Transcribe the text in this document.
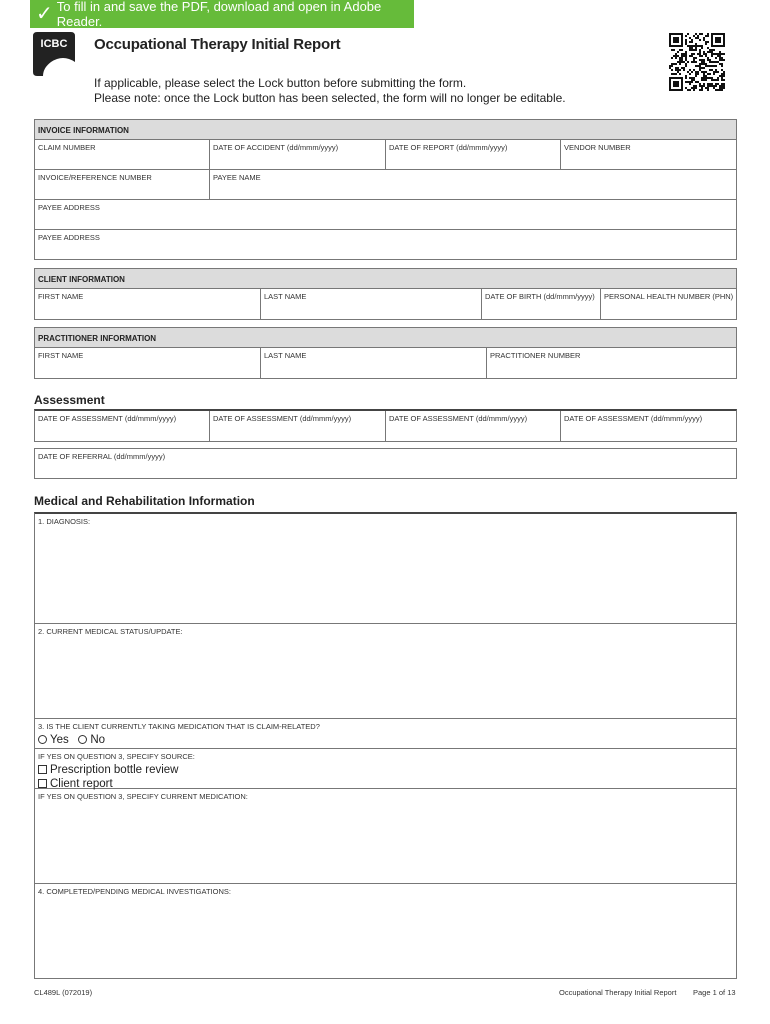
✓ To fill in and save the PDF, download and open in Adobe Reader.
ICBC Occupational Therapy Initial Report
If applicable, please select the Lock button before submitting the form.
Please note: once the Lock button has been selected, the form will no longer be editable.
INVOICE INFORMATION
CLAIM NUMBER	DATE OF ACCIDENT (dd/mmm/yyyy)	DATE OF REPORT (dd/mmm/yyyy)	VENDOR NUMBER
INVOICE/REFERENCE NUMBER	PAYEE NAME
PAYEE ADDRESS
PAYEE ADDRESS
CLIENT INFORMATION
FIRST NAME	LAST NAME	DATE OF BIRTH (dd/mmm/yyyy)	PERSONAL HEALTH NUMBER (PHN)
PRACTITIONER INFORMATION
FIRST NAME	LAST NAME	PRACTITIONER NUMBER
Assessment
DATE OF ASSESSMENT (dd/mmm/yyyy)	DATE OF ASSESSMENT (dd/mmm/yyyy)	DATE OF ASSESSMENT (dd/mmm/yyyy)	DATE OF ASSESSMENT (dd/mmm/yyyy)
DATE OF REFERRAL (dd/mmm/yyyy)
Medical and Rehabilitation Information
1. DIAGNOSIS:
2. CURRENT MEDICAL STATUS/UPDATE:
3. IS THE CLIENT CURRENTLY TAKING MEDICATION THAT IS CLAIM-RELATED?
Yes No
IF YES ON QUESTION 3, SPECIFY SOURCE:
Prescription bottle review
Client report
IF YES ON QUESTION 3, SPECIFY CURRENT MEDICATION:
4. COMPLETED/PENDING MEDICAL INVESTIGATIONS:
CL489L (072019)	Occupational Therapy Initial Report Page 1 of 13
